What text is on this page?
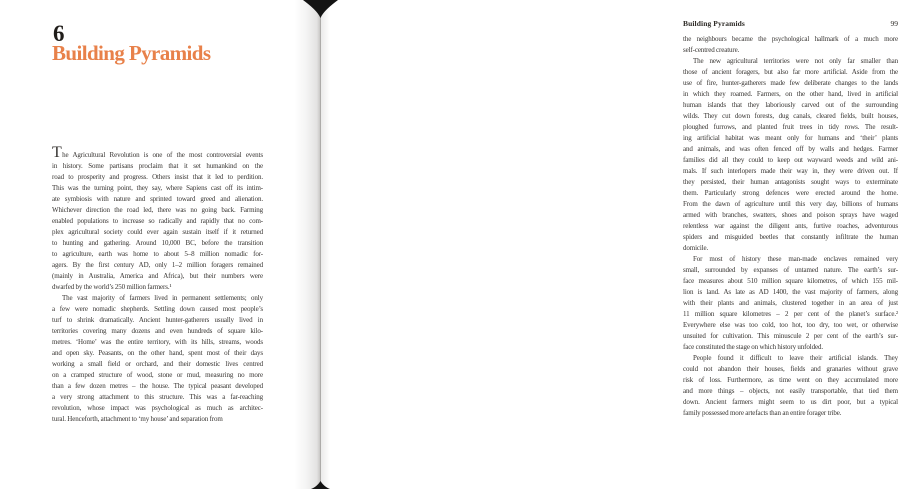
6
Building Pyramids
The Agricultural Revolution is one of the most controversial events
in history. Some partisans proclaim that it set humankind on the
road to prosperity and progress. Others insist that it led to perdition.
This was the turning point, they say, where Sapiens cast off its intim-
ate symbiosis with nature and sprinted toward greed and alienation.
Whichever direction the road led, there was no going back. Farming
enabled populations to increase so radically and rapidly that no com-
plex agricultural society could ever again sustain itself if it returned
to hunting and gathering. Around 10,000 BC, before the transition
to agriculture, earth was home to about 5–8 million nomadic for-
agers. By the first century AD, only 1–2 million foragers remained
(mainly in Australia, America and Africa), but their numbers were
dwarfed by the world’s 250 million farmers.¹
The vast majority of farmers lived in permanent settlements; only
a few were nomadic shepherds. Settling down caused most people’s
turf to shrink dramatically. Ancient hunter-gatherers usually lived in
territories covering many dozens and even hundreds of square kilo-
metres. ‘Home’ was the entire territory, with its hills, streams, woods
and open sky. Peasants, on the other hand, spent most of their days
working a small field or orchard, and their domestic lives centred
on a cramped structure of wood, stone or mud, measuring no more
than a few dozen metres – the house. The typical peasant developed
a very strong attachment to this structure. This was a far-reaching
revolution, whose impact was psychological as much as architec-
tural. Henceforth, attachment to ‘my house’ and separation from
Building Pyramids	99
the neighbours became the psychological hallmark of a much more
self-centred creature.
The new agricultural territories were not only far smaller than
those of ancient foragers, but also far more artificial. Aside from the
use of fire, hunter-gatherers made few deliberate changes to the lands
in which they roamed. Farmers, on the other hand, lived in artificial
human islands that they laboriously carved out of the surrounding
wilds. They cut down forests, dug canals, cleared fields, built houses,
ploughed furrows, and planted fruit trees in tidy rows. The result-
ing artificial habitat was meant only for humans and ‘their’ plants
and animals, and was often fenced off by walls and hedges. Farmer
families did all they could to keep out wayward weeds and wild ani-
mals. If such interlopers made their way in, they were driven out. If
they persisted, their human antagonists sought ways to exterminate
them. Particularly strong defences were erected around the home.
From the dawn of agriculture until this very day, billions of humans
armed with branches, swatters, shoes and poison sprays have waged
relentless war against the diligent ants, furtive roaches, adventurous
spiders and misguided beetles that constantly infiltrate the human
domicile.
For most of history these man-made enclaves remained very
small, surrounded by expanses of untamed nature. The earth’s sur-
face measures about 510 million square kilometres, of which 155 mil-
lion is land. As late as AD 1400, the vast majority of farmers, along
with their plants and animals, clustered together in an area of just
11 million square kilometres – 2 per cent of the planet’s surface.²
Everywhere else was too cold, too hot, too dry, too wet, or otherwise
unsuited for cultivation. This minuscule 2 per cent of the earth’s sur-
face constituted the stage on which history unfolded.
People found it difficult to leave their artificial islands. They
could not abandon their houses, fields and granaries without grave
risk of loss. Furthermore, as time went on they accumulated more
and more things – objects, not easily transportable, that tied them
down. Ancient farmers might seem to us dirt poor, but a typical
family possessed more artefacts than an entire forager tribe.
